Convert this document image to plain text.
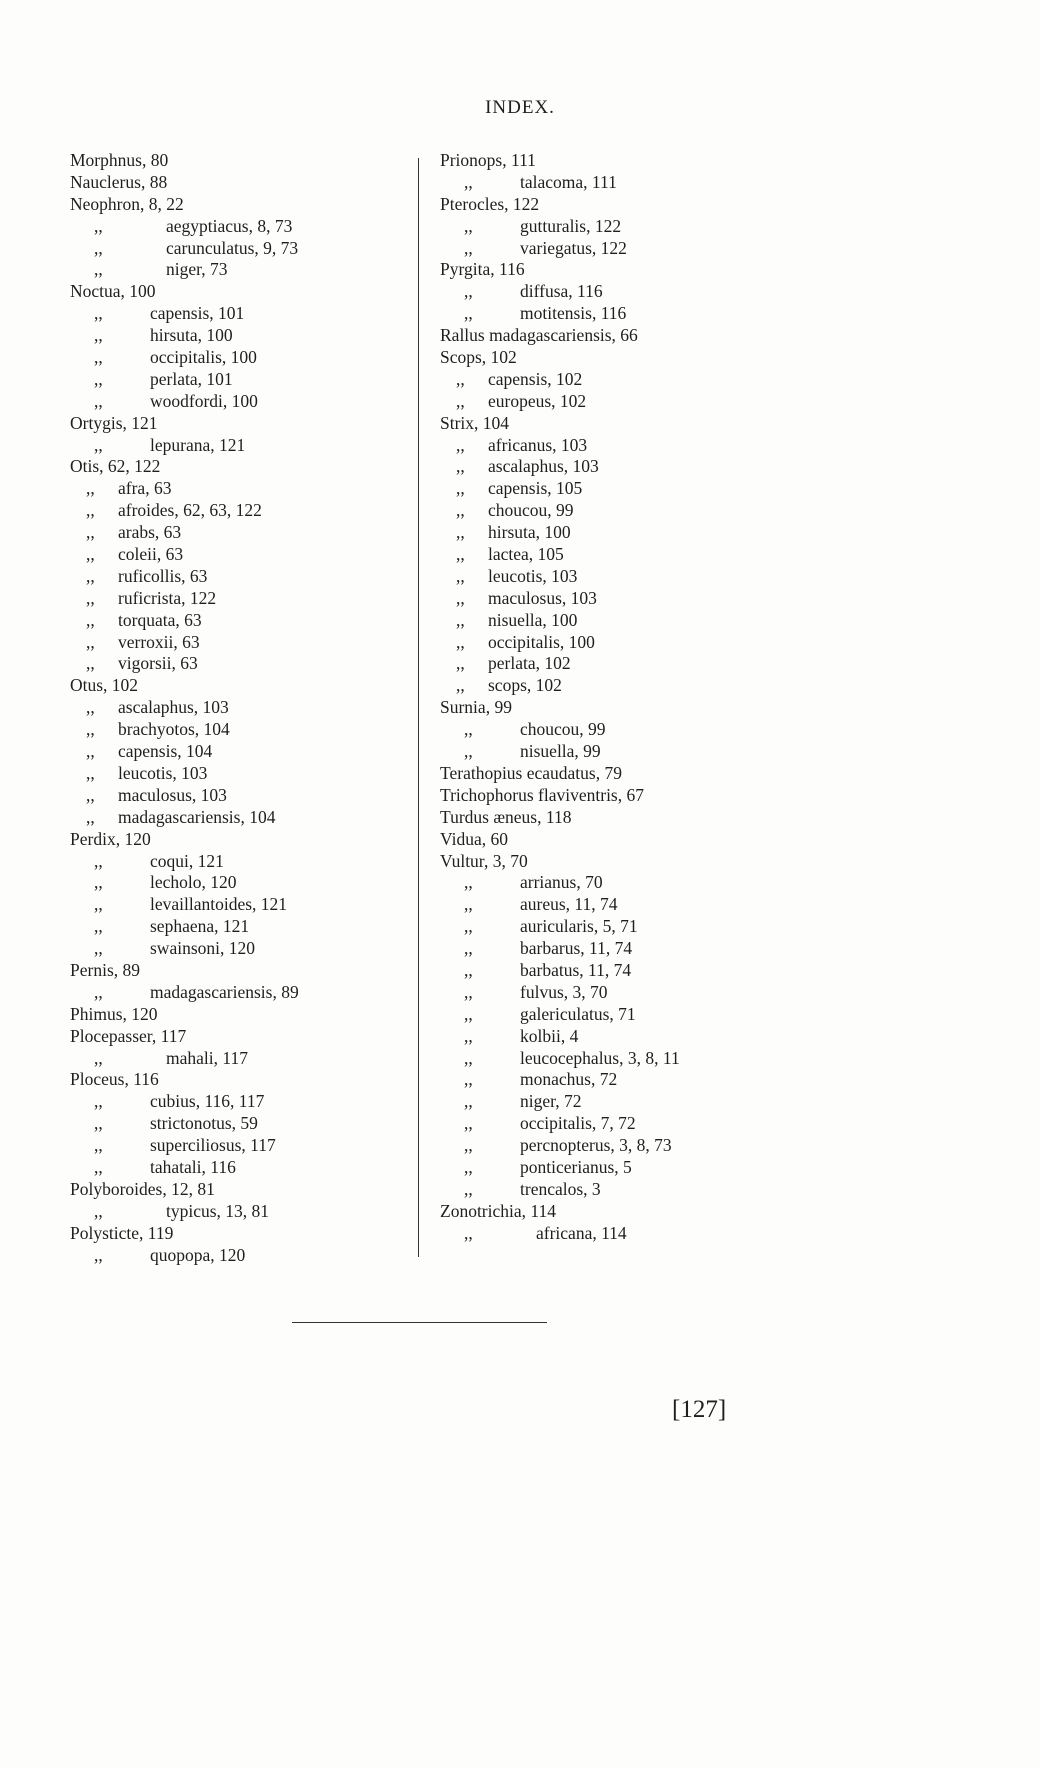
INDEX.
Morphnus, 80
Nauclerus, 88
Neophron, 8, 22
,,	aegyptiacus, 8, 73
,,	carunculatus, 9, 73
,,	niger, 73
Noctua, 100
,,	capensis, 101
,,	hirsuta, 100
,,	occipitalis, 100
,,	perlata, 101
,,	woodfordi, 100
Ortygis, 121
,,	lepurana, 121
Otis, 62, 122
,, afra, 63
,, afroides, 62, 63, 122
,, arabs, 63
,, coleii, 63
,, ruficollis, 63
,, ruficrista, 122
,, torquata, 63
,, verroxii, 63
,, vigorsii, 63
Otus, 102
,, ascalaphus, 103
,, brachyotos, 104
,, capensis, 104
,, leucotis, 103
,, maculosus, 103
,, madagascariensis, 104
Perdix, 120
,,	coqui, 121
,,	lecholo, 120
,,	levaillantoides, 121
,,	sephaena, 121
,,	swainsoni, 120
Pernis, 89
,,	madagascariensis, 89
Phimus, 120
Plocepasser, 117
,,	mahali, 117
Ploceus, 116
,,	cubius, 116, 117
,,	strictonotus, 59
,,	superciliosus, 117
,,	tahatali, 116
Polyboroides, 12, 81
,,	typicus, 13, 81
Polysticte, 119
,,	quopopa, 120
Prionops, 111
,,	talacoma, 111
Pterocles, 122
,,	gutturalis, 122
,,	variegatus, 122
Pyrgita, 116
,,	diffusa, 116
,,	motitensis, 116
Rallus madagascariensis, 66
Scops, 102
,, capensis, 102
,, europeus, 102
Strix, 104
,, africanus, 103
,, ascalaphus, 103
,, capensis, 105
,, choucou, 99
,, hirsuta, 100
,, lactea, 105
,, leucotis, 103
,, maculosus, 103
,, nisuella, 100
,, occipitalis, 100
,, perlata, 102
,, scops, 102
Surnia, 99
,,	choucou, 99
,,	nisuella, 99
Terathopius ecaudatus, 79
Trichophorus flaviventris, 67
Turdus æneus, 118
Vidua, 60
Vultur, 3, 70
,,	arrianus, 70
,,	aureus, 11, 74
,,	auricularis, 5, 71
,,	barbarus, 11, 74
,,	barbatus, 11, 74
,,	fulvus, 3, 70
,,	galericulatus, 71
,,	kolbii, 4
,,	leucocephalus, 3, 8, 11
,,	monachus, 72
,,	niger, 72
,,	occipitalis, 7, 72
,,	percnopterus, 3, 8, 73
,,	ponticerianus, 5
,,	trencalos, 3
Zonotrichia, 114
,,	africana, 114
[127]
